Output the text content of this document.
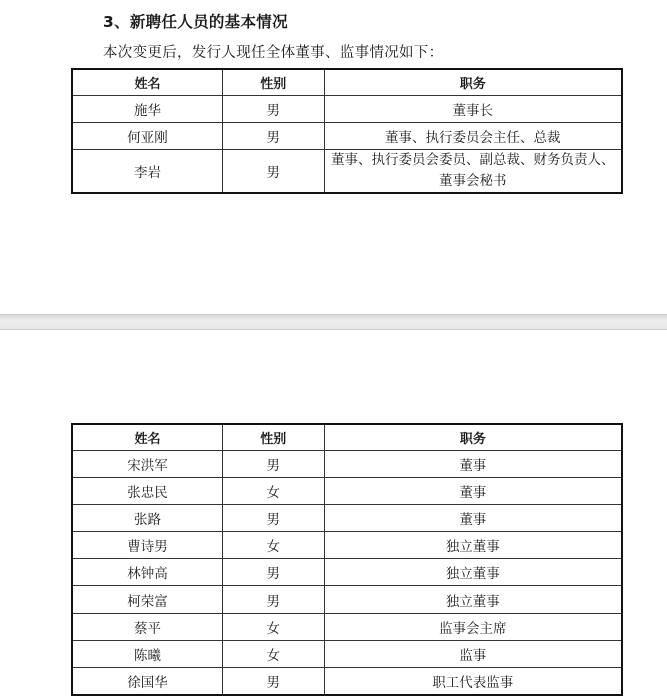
3、新聘任人员的基本情况
本次变更后，发行人现任全体董事、监事情况如下：
姓名	性别	职务
施华	男	董事长
何亚刚	男	董事、执行委员会主任、总裁
李岩	男	董事、执行委员会委员、副总裁、财务负责人、董事会秘书
姓名	性别	职务
宋洪军	男	董事
张忠民	女	董事
张路	男	董事
曹诗男	女	独立董事
林钟高	男	独立董事
柯荣富	男	独立董事
蔡平	女	监事会主席
陈曦	女	监事
徐国华	男	职工代表监事
